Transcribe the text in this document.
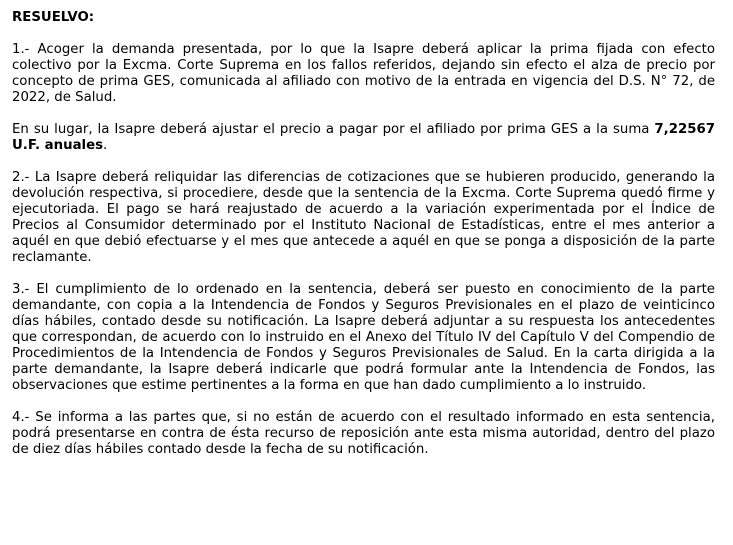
RESUELVO:

1.- Acoger la demanda presentada, por lo que la Isapre deberá aplicar la prima fijada con efecto colectivo por la Excma. Corte Suprema en los fallos referidos, dejando sin efecto el alza de precio por concepto de prima GES, comunicada al afiliado con motivo de la entrada en vigencia del D.S. N° 72, de 2022, de Salud.

En su lugar, la Isapre deberá ajustar el precio a pagar por el afiliado por prima GES a la suma 7,22567 U.F. anuales.

2.- La Isapre deberá reliquidar las diferencias de cotizaciones que se hubieren producido, generando la devolución respectiva, si procediere, desde que la sentencia de la Excma. Corte Suprema quedó firme y ejecutoriada. El pago se hará reajustado de acuerdo a la variación experimentada por el Índice de Precios al Consumidor determinado por el Instituto Nacional de Estadísticas, entre el mes anterior a aquél en que debió efectuarse y el mes que antecede a aquél en que se ponga a disposición de la parte reclamante.

3.- El cumplimiento de lo ordenado en la sentencia, deberá ser puesto en conocimiento de la parte demandante, con copia a la Intendencia de Fondos y Seguros Previsionales en el plazo de veinticinco días hábiles, contado desde su notificación. La Isapre deberá adjuntar a su respuesta los antecedentes que correspondan, de acuerdo con lo instruido en el Anexo del Título IV del Capítulo V del Compendio de Procedimientos de la Intendencia de Fondos y Seguros Previsionales de Salud. En la carta dirigida a la parte demandante, la Isapre deberá indicarle que podrá formular ante la Intendencia de Fondos, las observaciones que estime pertinentes a la forma en que han dado cumplimiento a lo instruido.

4.- Se informa a las partes que, si no están de acuerdo con el resultado informado en esta sentencia, podrá presentarse en contra de ésta recurso de reposición ante esta misma autoridad, dentro del plazo de diez días hábiles contado desde la fecha de su notificación.
